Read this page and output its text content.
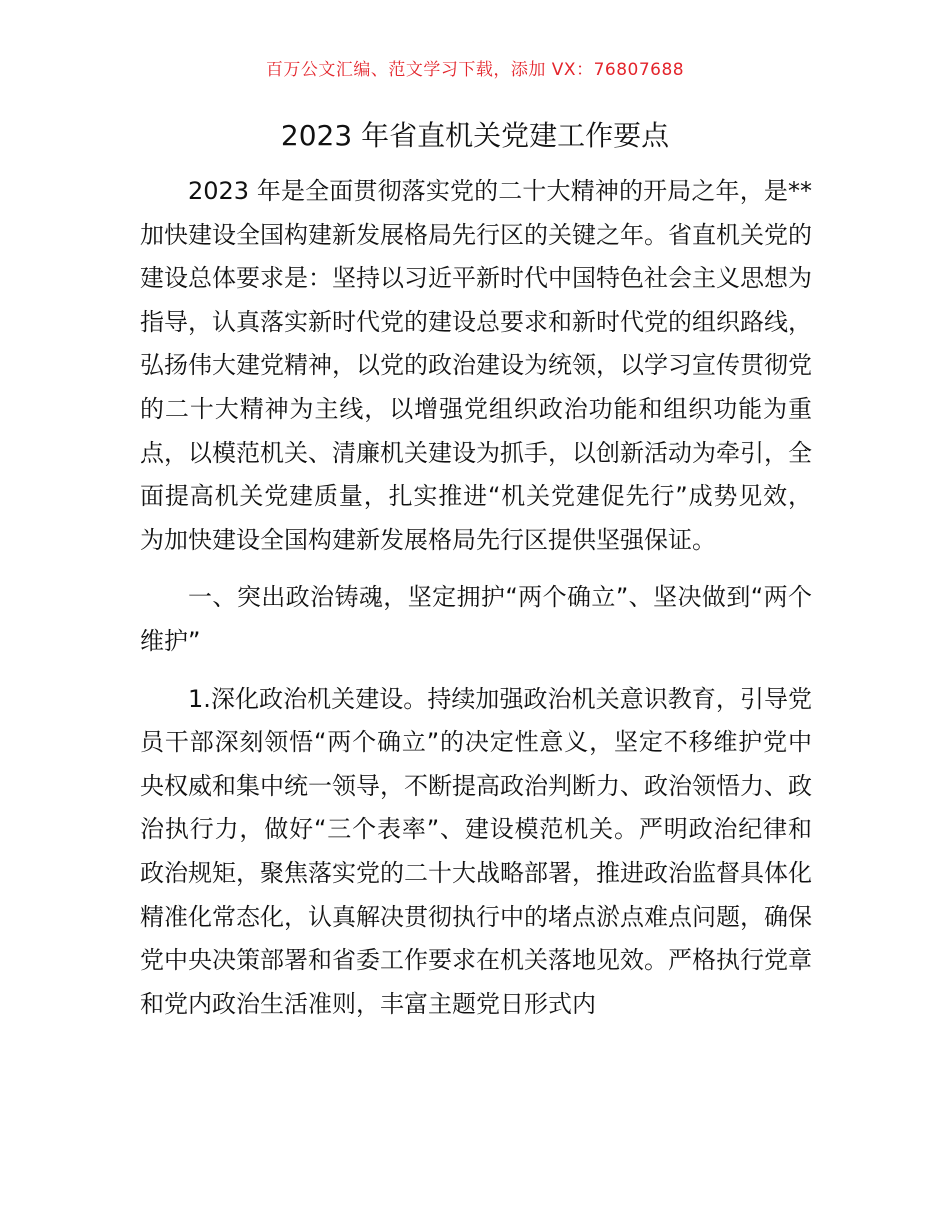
百万公文汇编、范文学习下载，添加 VX：76807688
2023 年省直机关党建工作要点

2023 年是全面贯彻落实党的二十大精神的开局之年，是**加快建设全国构建新发展格局先行区的关键之年。省直机关党的建设总体要求是：坚持以习近平新时代中国特色社会主义思想为指导，认真落实新时代党的建设总要求和新时代党的组织路线，弘扬伟大建党精神，以党的政治建设为统领，以学习宣传贯彻党的二十大精神为主线，以增强党组织政治功能和组织功能为重点，以模范机关、清廉机关建设为抓手，以创新活动为牵引，全面提高机关党建质量，扎实推进“机关党建促先行”成势见效，为加快建设全国构建新发展格局先行区提供坚强保证。

一、突出政治铸魂，坚定拥护“两个确立”、坚决做到“两个维护”

1.深化政治机关建设。持续加强政治机关意识教育，引导党员干部深刻领悟“两个确立”的决定性意义，坚定不移维护党中央权威和集中统一领导，不断提高政治判断力、政治领悟力、政治执行力，做好“三个表率”、建设模范机关。严明政治纪律和政治规矩，聚焦落实党的二十大战略部署，推进政治监督具体化精准化常态化，认真解决贯彻执行中的堵点淤点难点问题，确保党中央决策部署和省委工作要求在机关落地见效。严格执行党章和党内政治生活准则，丰富主题党日形式内
